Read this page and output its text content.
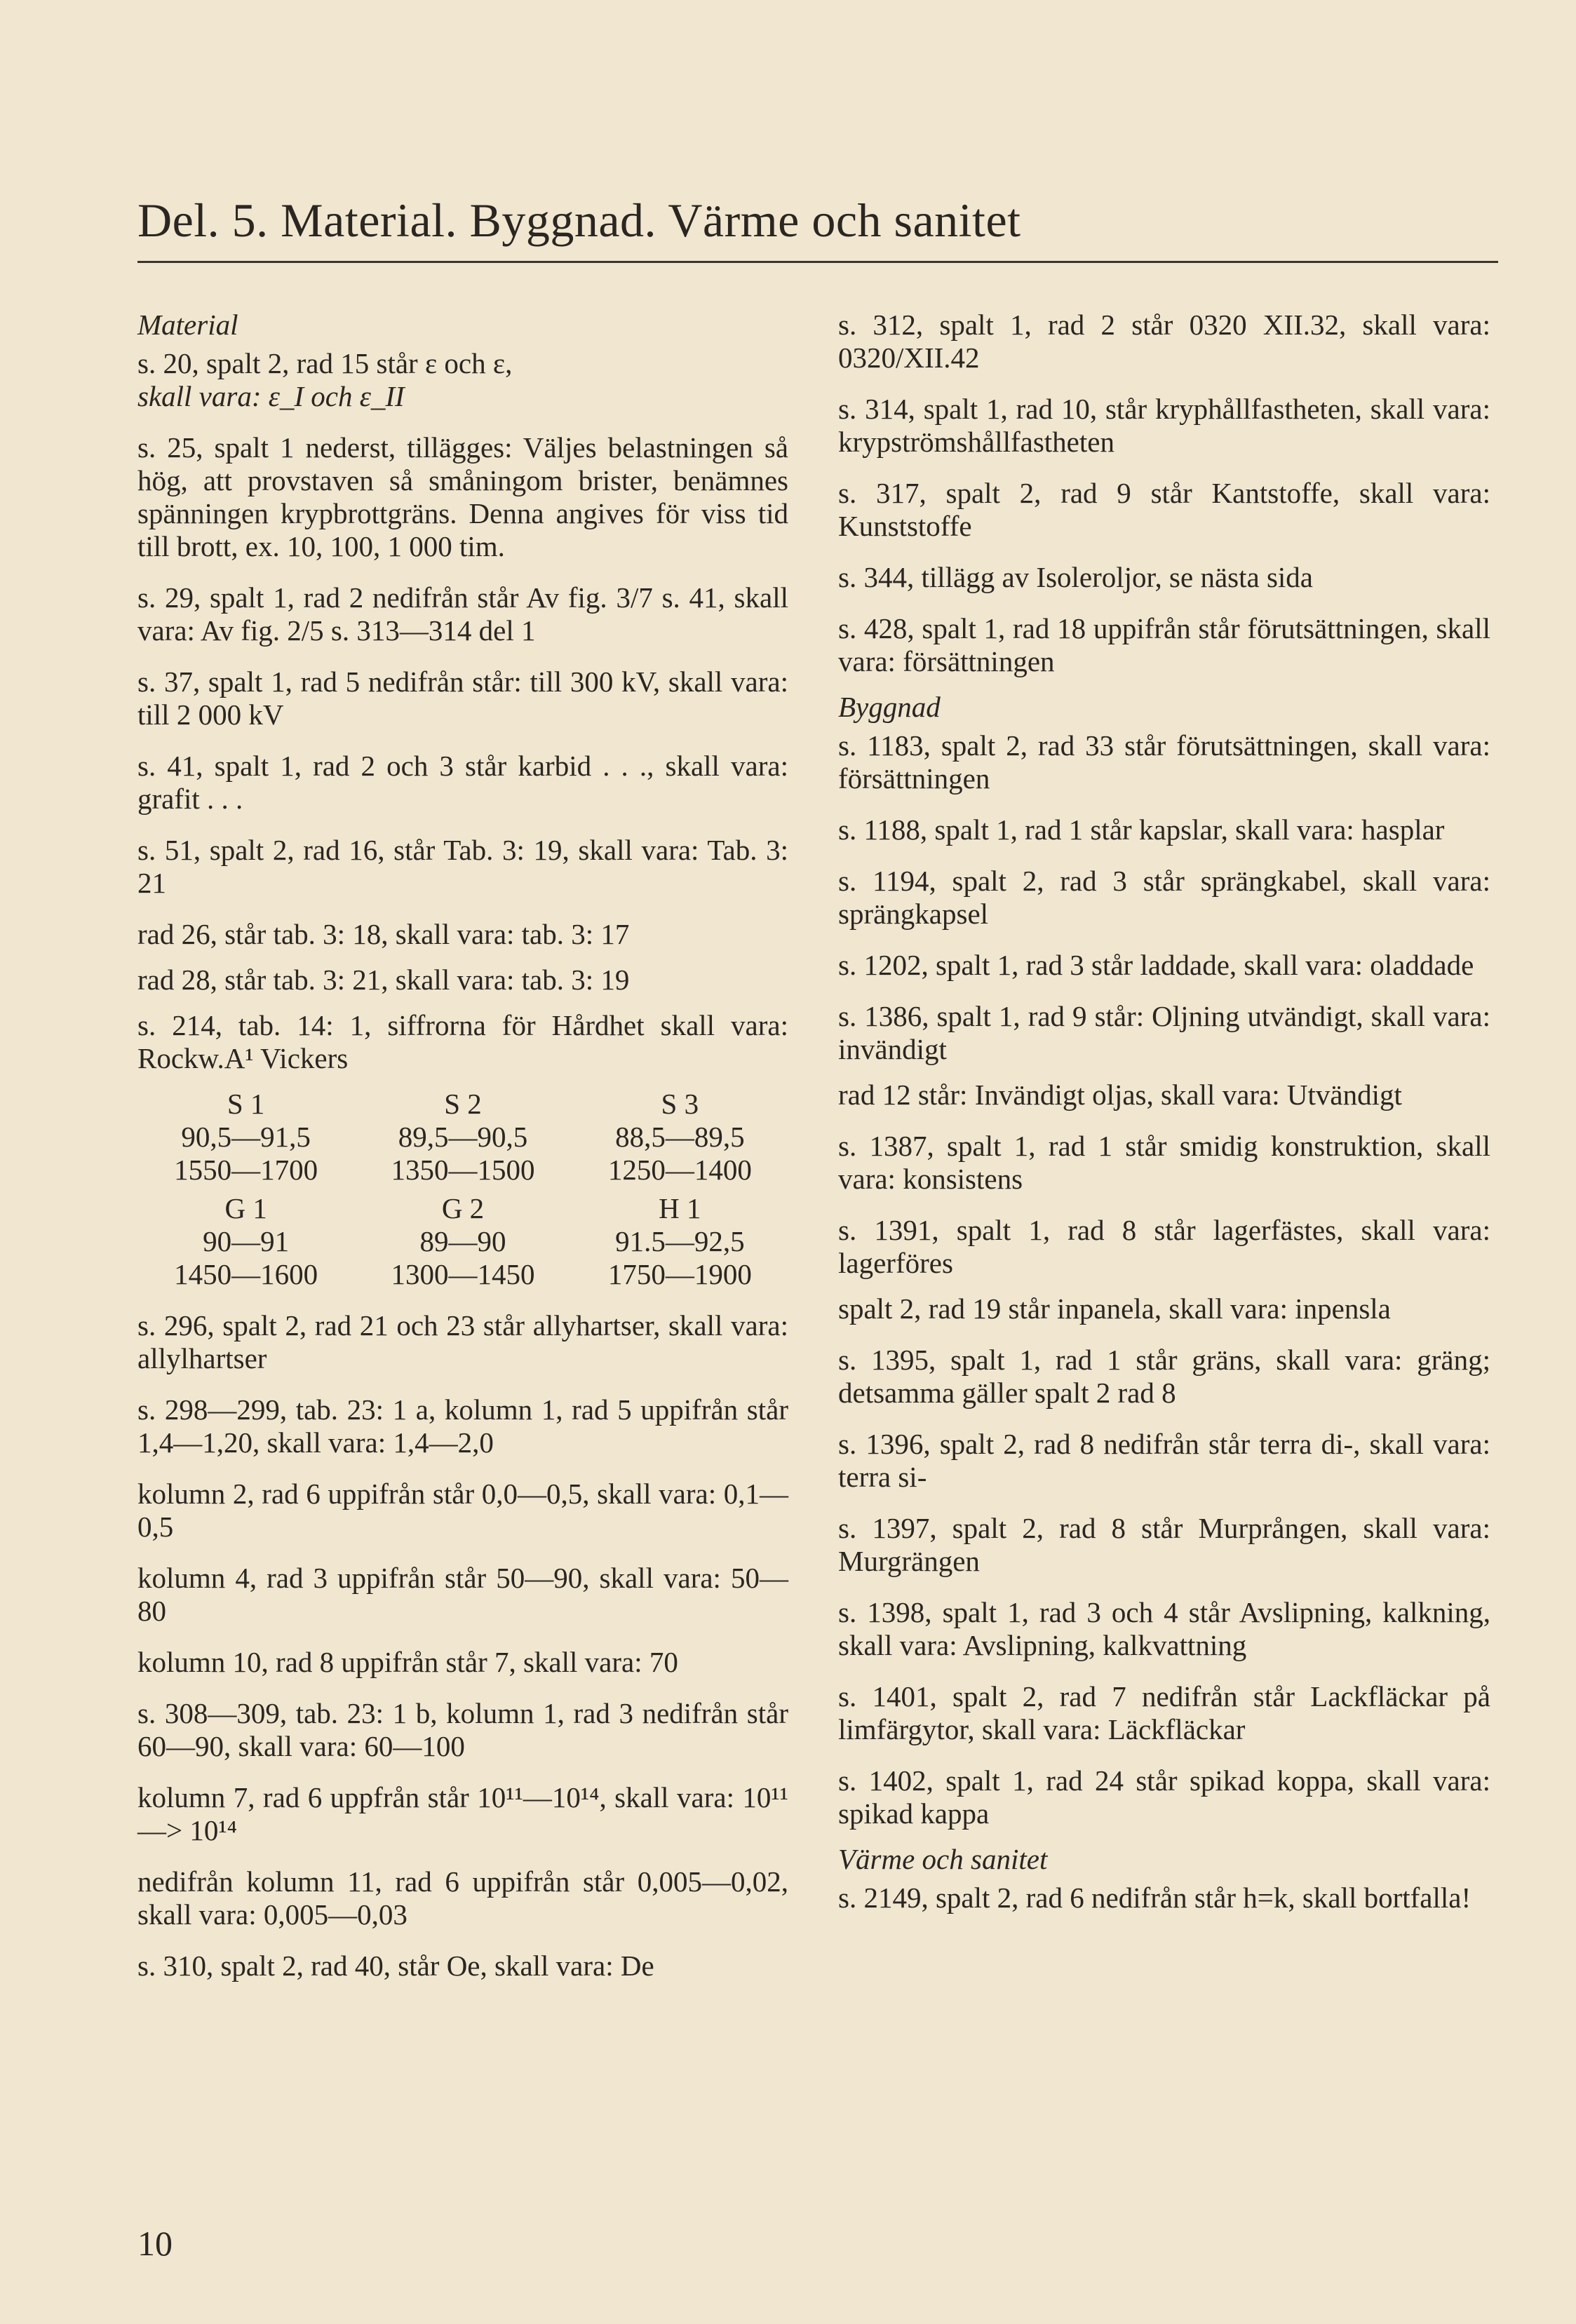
Del. 5. Material. Byggnad. Värme och sanitet
Material
s. 20, spalt 2, rad 15 står ε och ε,
skall vara: ε_I och ε_II
s. 25, spalt 1 nederst, tillägges: Väljes belastningen så hög, att provstaven så småningom brister, benämnes spänningen krypbrottgräns. Denna angives för viss tid till brott, ex. 10, 100, 1 000 tim.
s. 29, spalt 1, rad 2 nedifrån står Av fig. 3/7 s. 41, skall vara: Av fig. 2/5 s. 313—314 del 1
s. 37, spalt 1, rad 5 nedifrån står: till 300 kV, skall vara: till 2 000 kV
s. 41, spalt 1, rad 2 och 3 står karbid . . ., skall vara: grafit . . .
s. 51, spalt 2, rad 16, står Tab. 3: 19, skall vara: Tab. 3: 21
rad 26, står tab. 3: 18, skall vara: tab. 3: 17
rad 28, står tab. 3: 21, skall vara: tab. 3: 19
s. 214, tab. 14: 1, siffrorna för Hårdhet skall vara: Rockw.A¹ Vickers
S 1	S 2	S 3
90,5—91,5	89,5—90,5	88,5—89,5
1550—1700	1350—1500	1250—1400
G 1	G 2	H 1
90—91	89—90	91.5—92,5
1450—1600	1300—1450	1750—1900
s. 296, spalt 2, rad 21 och 23 står allyhartser, skall vara: allylhartser
s. 298—299, tab. 23: 1 a, kolumn 1, rad 5 uppifrån står 1,4—1,20, skall vara: 1,4—2,0
kolumn 2, rad 6 uppifrån står 0,0—0,5, skall vara: 0,1—0,5
kolumn 4, rad 3 uppifrån står 50—90, skall vara: 50—80
kolumn 10, rad 8 uppifrån står 7, skall vara: 70
s. 308—309, tab. 23: 1 b, kolumn 1, rad 3 nedifrån står 60—90, skall vara: 60—100
kolumn 7, rad 6 uppfrån står 10¹¹—10¹⁴, skall vara: 10¹¹—> 10¹⁴
nedifrån kolumn 11, rad 6 uppifrån står 0,005—0,02, skall vara: 0,005—0,03
s. 310, spalt 2, rad 40, står Oe, skall vara: De
s. 312, spalt 1, rad 2 står 0320 XII.32, skall vara: 0320/XII.42
s. 314, spalt 1, rad 10, står kryphållfastheten, skall vara: krypströmshållfastheten
s. 317, spalt 2, rad 9 står Kantstoffe, skall vara: Kunststoffe
s. 344, tillägg av Isoleroljor, se nästa sida
s. 428, spalt 1, rad 18 uppifrån står förutsättningen, skall vara: försättningen
Byggnad
s. 1183, spalt 2, rad 33 står förutsättningen, skall vara: försättningen
s. 1188, spalt 1, rad 1 står kapslar, skall vara: hasplar
s. 1194, spalt 2, rad 3 står sprängkabel, skall vara: sprängkapsel
s. 1202, spalt 1, rad 3 står laddade, skall vara: oladdade
s. 1386, spalt 1, rad 9 står: Oljning utvändigt, skall vara: invändigt
rad 12 står: Invändigt oljas, skall vara: Utvändigt
s. 1387, spalt 1, rad 1 står smidig konstruktion, skall vara: konsistens
s. 1391, spalt 1, rad 8 står lagerfästes, skall vara: lagerföres
spalt 2, rad 19 står inpanela, skall vara: inpensla
s. 1395, spalt 1, rad 1 står gräns, skall vara: gräng; detsamma gäller spalt 2 rad 8
s. 1396, spalt 2, rad 8 nedifrån står terra di-, skall vara: terra si-
s. 1397, spalt 2, rad 8 står Murprången, skall vara: Murgrängen
s. 1398, spalt 1, rad 3 och 4 står Avslipning, kalkning, skall vara: Avslipning, kalkvattning
s. 1401, spalt 2, rad 7 nedifrån står Lackfläckar på limfärgytor, skall vara: Läckfläckar
s. 1402, spalt 1, rad 24 står spikad koppa, skall vara: spikad kappa
Värme och sanitet
s. 2149, spalt 2, rad 6 nedifrån står h=k, skall bortfalla!
10
